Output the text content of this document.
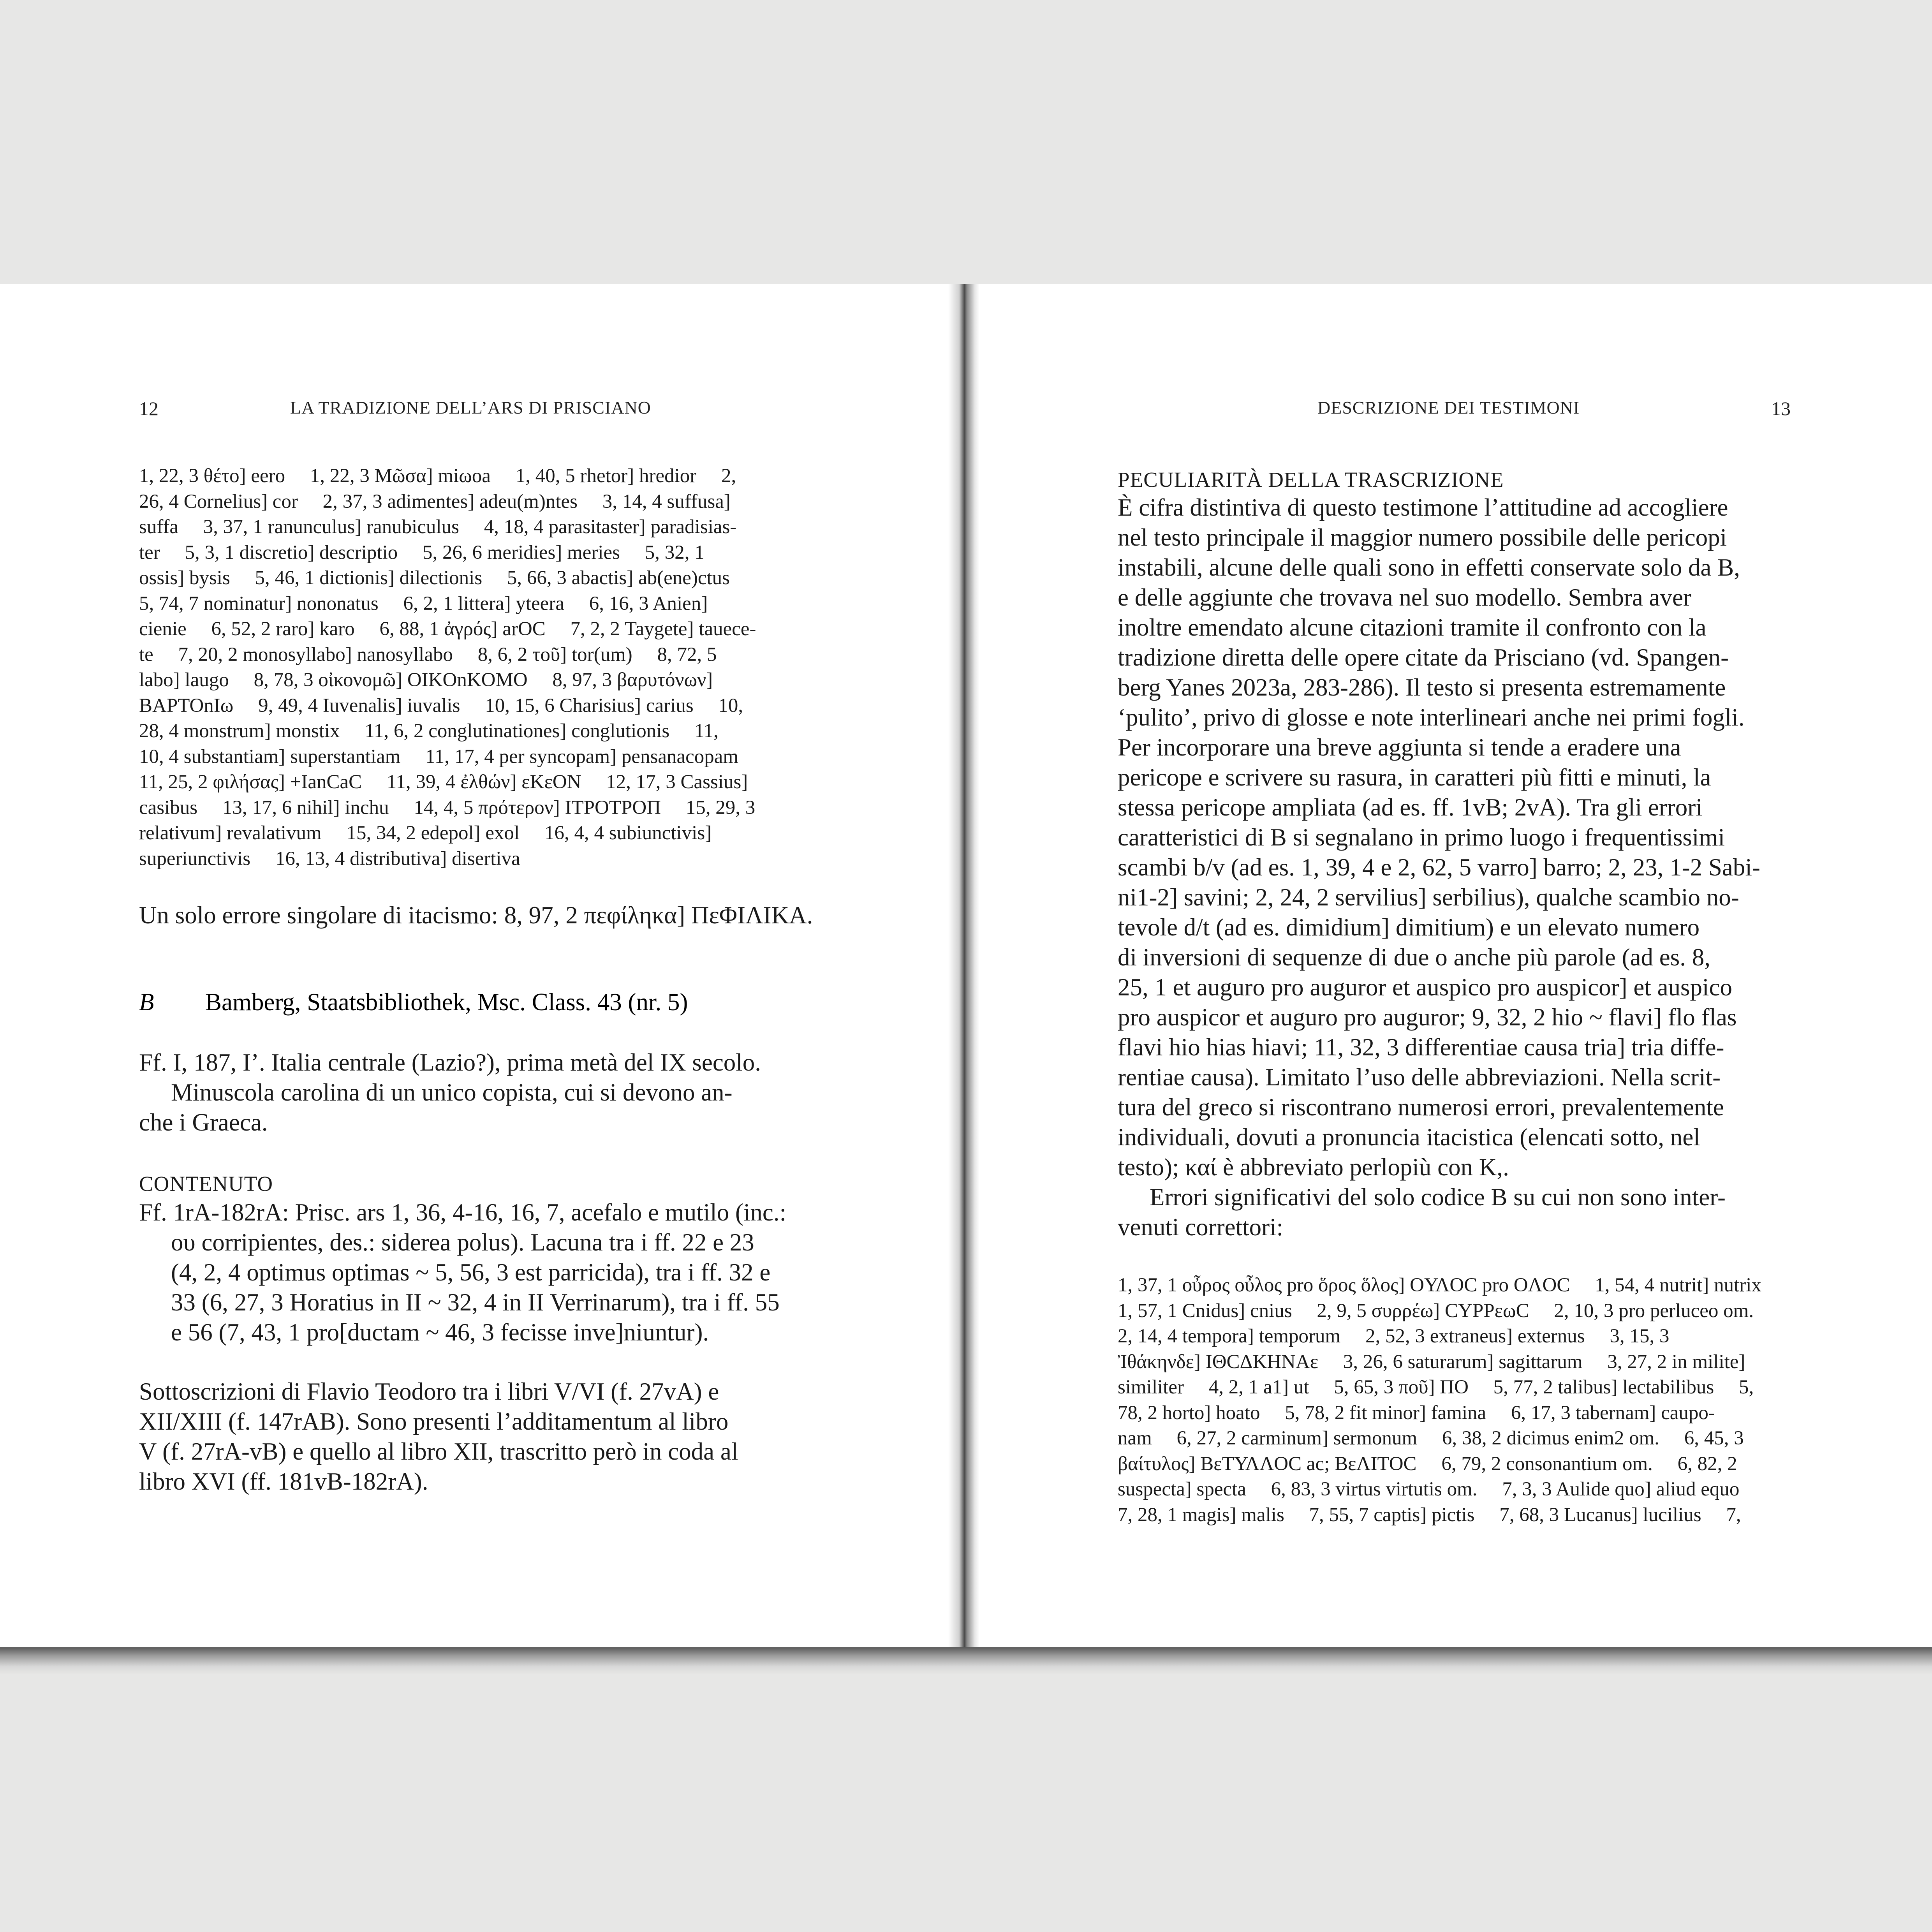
12	LA TRADIZIONE DELL’ARS DI PRISCIANO

1, 22, 3 θέτο] eero     1, 22, 3 Μῶσα] miωoa     1, 40, 5 rhetor] hredior     2,

26, 4 Cornelius] cor     2, 37, 3 adimentes] adeu(m)ntes     3, 14, 4 suffusa]

suffa     3, 37, 1 ranunculus] ranubiculus     4, 18, 4 parasitaster] paradisias-

ter     5, 3, 1 discretio] descriptio     5, 26, 6 meridies] meries     5, 32, 1

ossis] bysis     5, 46, 1 dictionis] dilectionis     5, 66, 3 abactis] ab(ene)ctus

5, 74, 7 nominatur] nononatus     6, 2, 1 littera] yteera     6, 16, 3 Anien]

cienie     6, 52, 2 raro] karo     6, 88, 1 ἀγρός] arOC     7, 2, 2 Taygete] tauece-

te     7, 20, 2 monosyllabo] nanosyllabo     8, 6, 2 τοῦ] tor(um)     8, 72, 5

labo] laugo     8, 78, 3 οἰκονομῶ] OIKOnKOMO     8, 97, 3 βαρυτόνων]

BAPTOnIω     9, 49, 4 Iuvenalis] iuvalis     10, 15, 6 Charisius] carius     10,

28, 4 monstrum] monstix     11, 6, 2 conglutinationes] conglutionis     11,

10, 4 substantiam] superstantiam     11, 17, 4 per syncopam] pensanacopam

11, 25, 2 φιλήσας] +IanCaC     11, 39, 4 ἐλθών] εKεON     12, 17, 3 Cassius]

casibus     13, 17, 6 nihil] inchu     14, 4, 5 πρότερον] ITPOTPOΠ     15, 29, 3

relativum] revalativum     15, 34, 2 edepol] exol     16, 4, 4 subiunctivis]

superiunctivis     16, 13, 4 distributiva] disertiva

Un solo errore singolare di itacismo: 8, 97, 2 πεφίληκα] ΠεΦΙΛΙΚΑ.
B Bamberg, Staatsbibliothek, Msc. Class. 43 (nr. 5)

Ff. I, 187, I’. Italia centrale (Lazio?), prima metà del IX secolo.

Minuscola carolina di un unico copista, cui si devono an-

che i Graeca.

CONTENUTO

Ff. 1rA-182rA: Prisc. ars 1, 36, 4-16, 16, 7, acefalo e mutilo (inc.:

ου corripientes, des.: siderea polus). Lacuna tra i ff. 22 e 23

(4, 2, 4 optimus optimas ~ 5, 56, 3 est parricida), tra i ff. 32 e

33 (6, 27, 3 Horatius in II ~ 32, 4 in II Verrinarum), tra i ff. 55

e 56 (7, 43, 1 pro[ductam ~ 46, 3 fecisse inve]niuntur).

Sottoscrizioni di Flavio Teodoro tra i libri V/VI (f. 27vA) e

XII/XIII (f. 147rAB). Sono presenti l’additamentum al libro

V (f. 27rA-vB) e quello al libro XII, trascritto però in coda al

libro XVI (ff. 181vB-182rA).

DESCRIZIONE DEI TESTIMONI	13
PECULIARITÀ DELLA TRASCRIZIONE

È cifra distintiva di questo testimone l’attitudine ad accogliere

nel testo principale il maggior numero possibile delle pericopi

instabili, alcune delle quali sono in effetti conservate solo da B,

e delle aggiunte che trovava nel suo modello. Sembra aver

inoltre emendato alcune citazioni tramite il confronto con la

tradizione diretta delle opere citate da Prisciano (vd. Spangen-

berg Yanes 2023a, 283-286). Il testo si presenta estremamente

‘pulito’, privo di glosse e note interlineari anche nei primi fogli.

Per incorporare una breve aggiunta si tende a eradere una

pericope e scrivere su rasura, in caratteri più fitti e minuti, la

stessa pericope ampliata (ad es. ff. 1vB; 2vA). Tra gli errori

caratteristici di B si segnalano in primo luogo i frequentissimi

scambi b/v (ad es. 1, 39, 4 e 2, 62, 5 varro] barro; 2, 23, 1-2 Sabi-

ni1-2] savini; 2, 24, 2 servilius] serbilius), qualche scambio no-

tevole d/t (ad es. dimidium] dimitium) e un elevato numero

di inversioni di sequenze di due o anche più parole (ad es. 8,

25, 1 et auguro pro auguror et auspico pro auspicor] et auspico

pro auspicor et auguro pro auguror; 9, 32, 2 hio ~ flavi] flo flas

flavi hio hias hiavi; 11, 32, 3 differentiae causa tria] tria diffe-

rentiae causa). Limitato l’uso delle abbreviazioni. Nella scrit-

tura del greco si riscontrano numerosi errori, prevalentemente

individuali, dovuti a pronuncia itacistica (elencati sotto, nel

testo); καί è abbreviato perlopiù con K,.

Errori significativi del solo codice B su cui non sono inter-

venuti correttori:

1, 37, 1 οὖρος οὖλος pro ὅρος ὅλος] OΥΛOC pro OΛOC     1, 54, 4 nutrit] nutrix

1, 57, 1 Cnidus] cnius     2, 9, 5 συρρέω] CΥPPεωC     2, 10, 3 pro perluceo om.

2, 14, 4 tempora] temporum     2, 52, 3 extraneus] externus     3, 15, 3

Ἰθάκηνδε] IΘCΔKHNAε     3, 26, 6 saturarum] sagittarum     3, 27, 2 in milite]

similiter     4, 2, 1 a1] ut     5, 65, 3 ποῦ] ΠO     5, 77, 2 talibus] lectabilibus     5,

78, 2 horto] hoato     5, 78, 2 fit minor] famina     6, 17, 3 tabernam] caupo-

nam     6, 27, 2 carminum] sermonum     6, 38, 2 dicimus enim2 om.     6, 45, 3

βαίτυλος] BεTΥΛΛOC ac; BεΛITOC     6, 79, 2 consonantium om.     6, 82, 2

suspecta] specta     6, 83, 3 virtus virtutis om.     7, 3, 3 Aulide quo] aliud equo

7, 28, 1 magis] malis     7, 55, 7 captis] pictis     7, 68, 3 Lucanus] lucilius     7,
